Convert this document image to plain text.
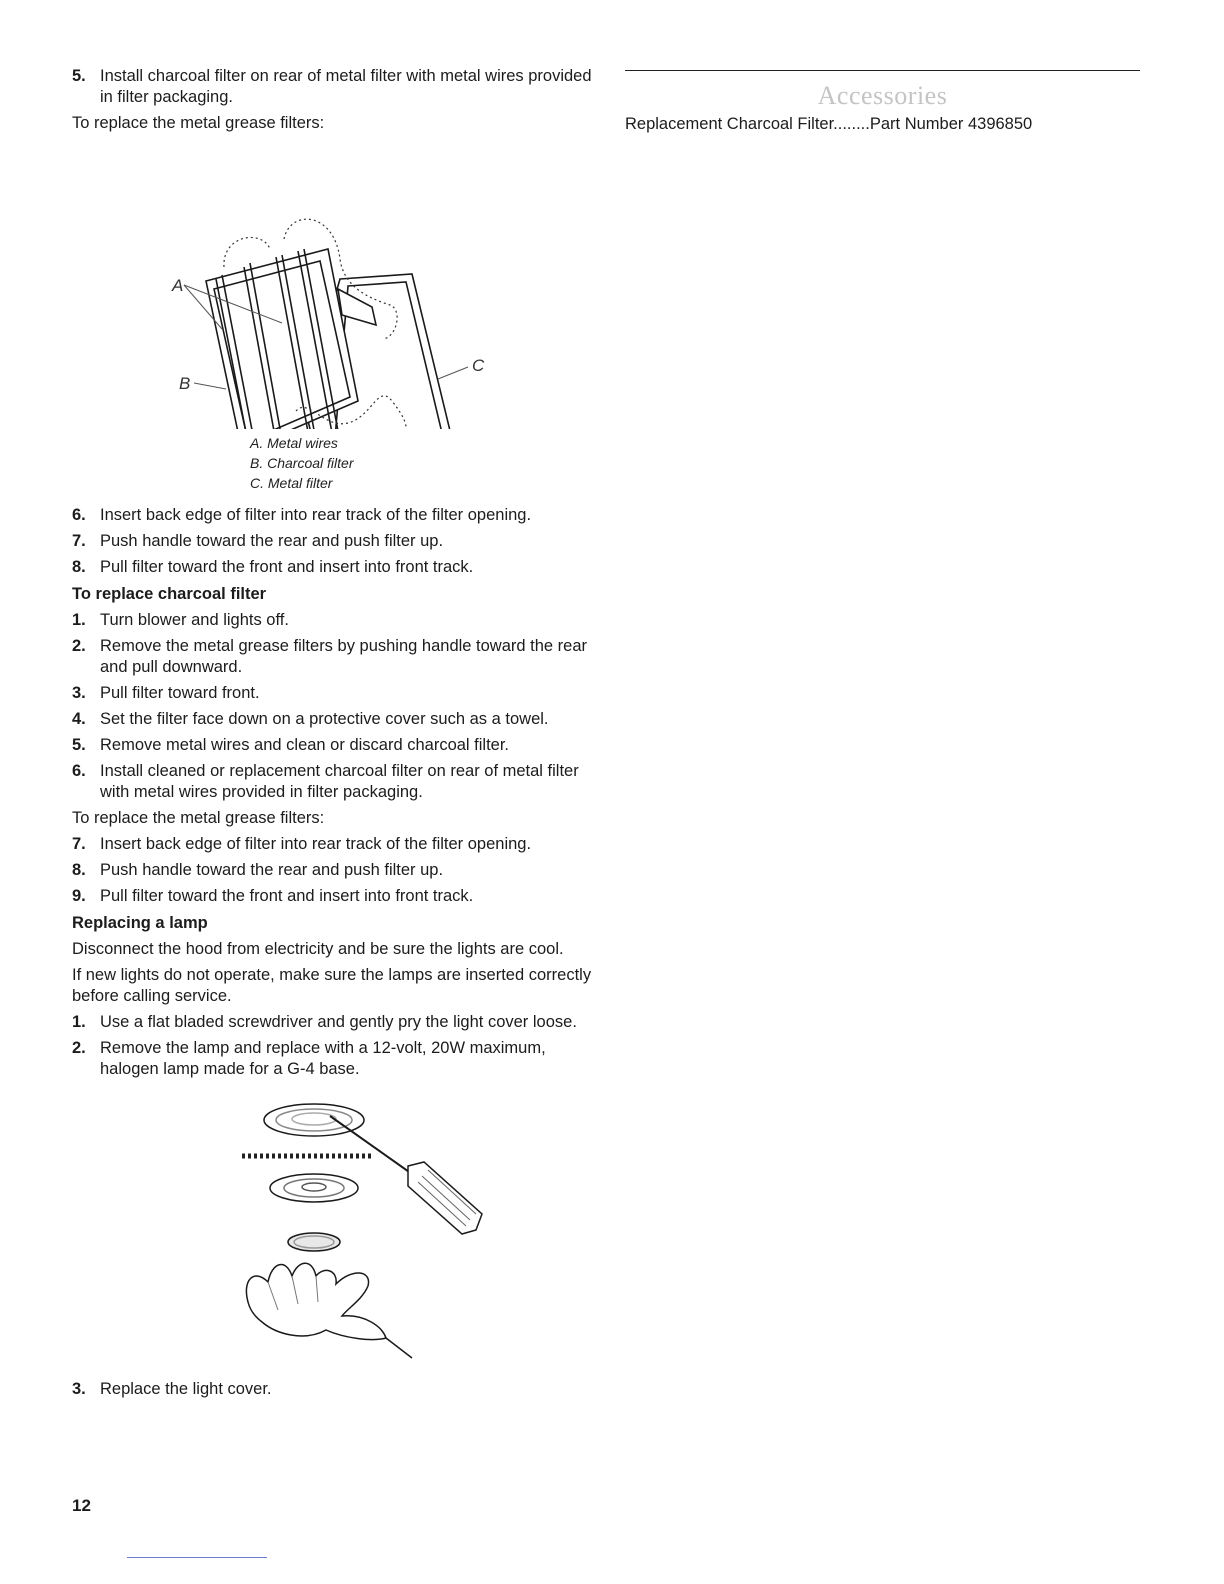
5. Install charcoal filter on rear of metal filter with metal wires provided in filter packaging.
To replace the metal grease filters:
A
B
C
A. Metal wires
B. Charcoal filter
C. Metal filter
6. Insert back edge of filter into rear track of the filter opening.
7. Push handle toward the rear and push filter up.
8. Pull filter toward the front and insert into front track.
To replace charcoal filter
1. Turn blower and lights off.
2. Remove the metal grease filters by pushing handle toward the rear and pull downward.
3. Pull filter toward front.
4. Set the filter face down on a protective cover such as a towel.
5. Remove metal wires and clean or discard charcoal filter.
6. Install cleaned or replacement charcoal filter on rear of metal filter with metal wires provided in filter packaging.
To replace the metal grease filters:
7. Insert back edge of filter into rear track of the filter opening.
8. Push handle toward the rear and push filter up.
9. Pull filter toward the front and insert into front track.
Replacing a lamp
Disconnect the hood from electricity and be sure the lights are cool.
If new lights do not operate, make sure the lamps are inserted correctly before calling service.
1. Use a flat bladed screwdriver and gently pry the light cover loose.
2. Remove the lamp and replace with a 12-volt, 20W maximum, halogen lamp made for a G-4 base.
3. Replace the light cover.
Accessories
Replacement Charcoal Filter........Part Number 4396850
12
